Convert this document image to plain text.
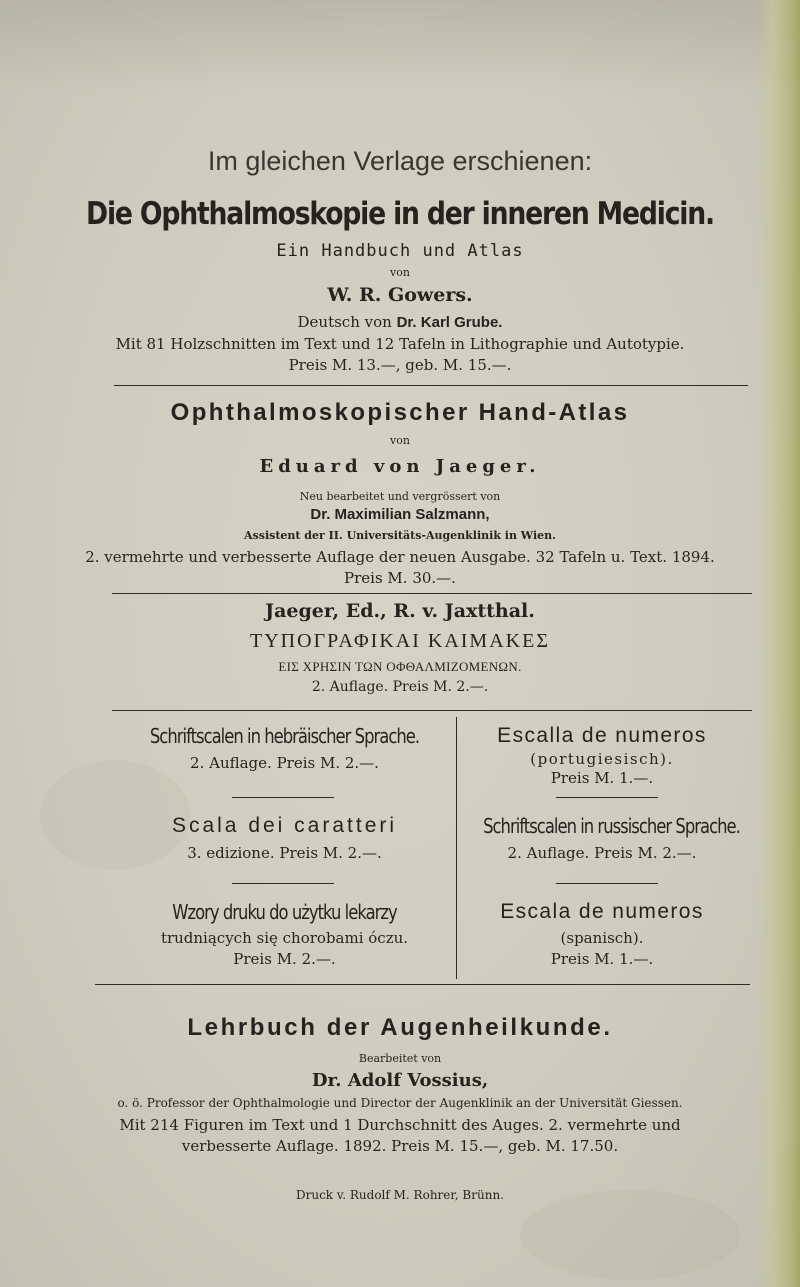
Im gleichen Verlage erschienen:
Die Ophthalmoskopie in der inneren Medicin.
Ein Handbuch und Atlas
von
W. R. Gowers.
Deutsch von Dr. Karl Grube.
Mit 81 Holzschnitten im Text und 12 Tafeln in Lithographie und Autotypie.
Preis M. 13.—, geb. M. 15.—.
Ophthalmoskopischer Hand-Atlas
von
Eduard von Jaeger.
Neu bearbeitet und vergrössert von
Dr. Maximilian Salzmann,
Assistent der II. Universitäts-Augenklinik in Wien.
2. vermehrte und verbesserte Auflage der neuen Ausgabe. 32 Tafeln u. Text. 1894.
Preis M. 30.—.
Jaeger, Ed., R. v. Jaxtthal.
ΤΥΠΟΓΡΑΦΙΚΑΙ ΚΑΙΜΑΚΕΣ
ΕΙΣ ΧΡΗΣΙΝ ΤΩΝ ΟΦΘΑΛΜΙΖΟΜΕΝΩΝ.
2. Auflage. Preis M. 2.—.
Schriftscalen in hebräischer Sprache.
2. Auflage. Preis M. 2.—.
Scala dei caratteri
3. edizione. Preis M. 2.—.
Wzory druku do użytku lekarzy
trudniących się chorobami óczu.
Preis M. 2.—.
Escalla de numeros
(portugiesisch).
Preis M. 1.—.
Schriftscalen in russischer Sprache.
2. Auflage. Preis M. 2.—.
Escala de numeros
(spanisch).
Preis M. 1.—.
Lehrbuch der Augenheilkunde.
Bearbeitet von
Dr. Adolf Vossius,
o. ö. Professor der Ophthalmologie und Director der Augenklinik an der Universität Giessen.
Mit 214 Figuren im Text und 1 Durchschnitt des Auges. 2. vermehrte und
verbesserte Auflage. 1892. Preis M. 15.—, geb. M. 17.50.
Druck v. Rudolf M. Rohrer, Brünn.
